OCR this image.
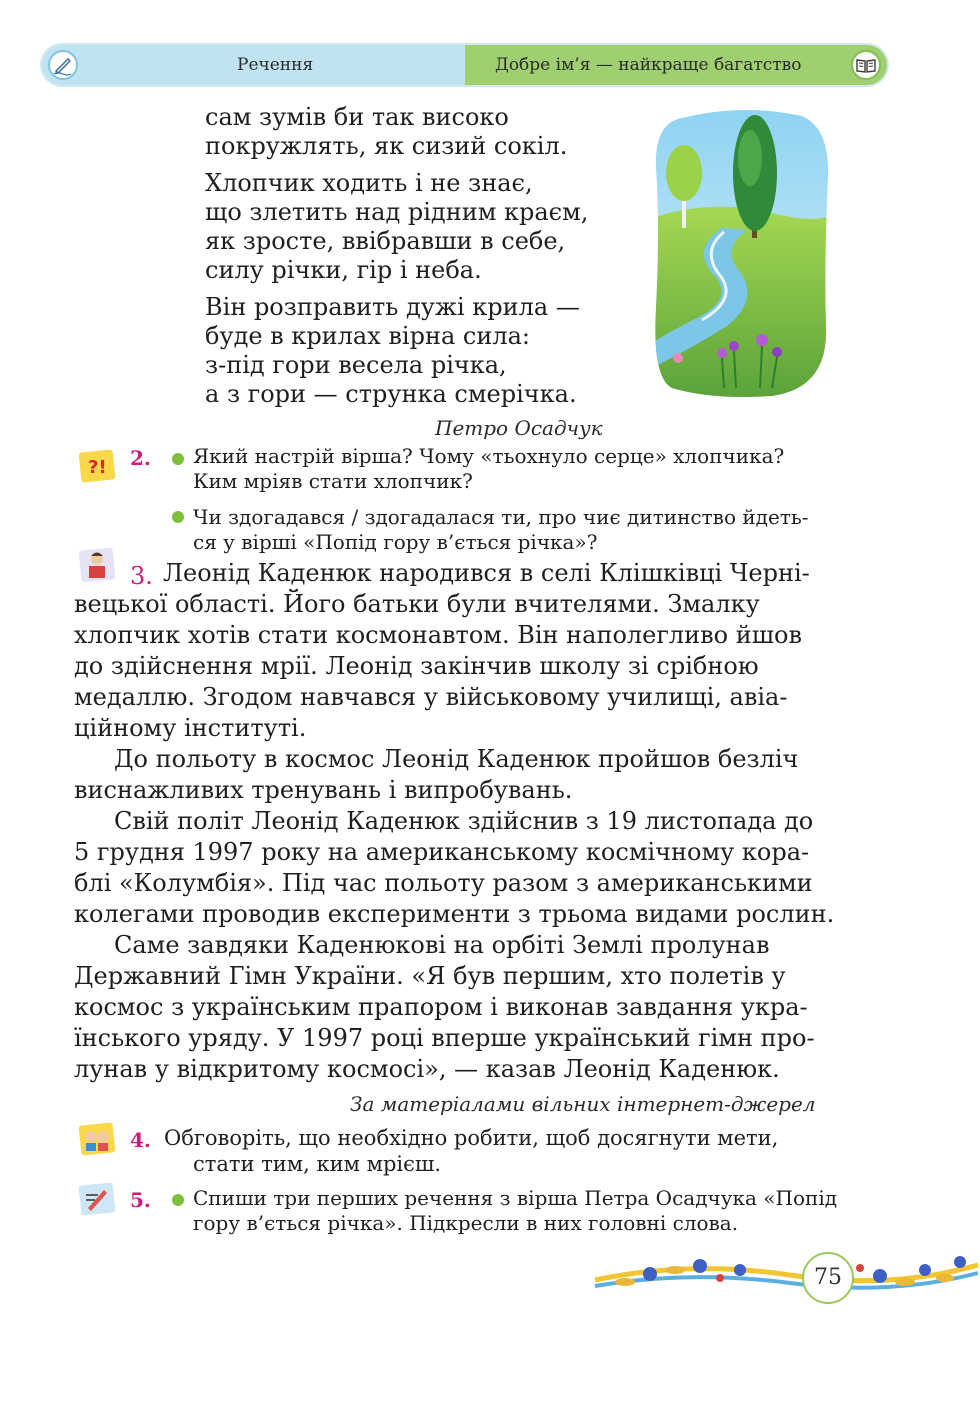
Речення	Добре ім’я — найкраще багатство
сам зумів би так високо
покружлять, як сизий сокіл.
Хлопчик ходить і не знає,
що злетить над рідним краєм,
як зросте, ввібравши в себе,
силу річки, гір і неба.
Він розправить дужі крила —
буде в крилах вірна сила:
з-під гори весела річка,
а з гори — струнка смерічка.
Петро Осадчук
?! 2. Який настрій вірша? Чому «тьохнуло серце» хлопчика?
Ким мріяв стати хлопчик?
Чи здогадався / здогадалася ти, про чиє дитинство йдеть-
ся у вірші «Попід гору в’ється річка»?
3. Леонід Каденюк народився в селі Клішківці Черні-
вецької області. Його батьки були вчителями. Змалку
хлопчик хотів стати космонавтом. Він наполегливо йшов
до здійснення мрії. Леонід закінчив школу зі срібною
медаллю. Згодом навчався у військовому училищі, авіа-
ційному інституті.
До польоту в космос Леонід Каденюк пройшов безліч
виснажливих тренувань і випробувань.
Свій політ Леонід Каденюк здійснив з 19 листопада до
5 грудня 1997 року на американському космічному кора-
блі «Колумбія». Під час польоту разом з американськими
колегами проводив експерименти з трьома видами рослин.
Саме завдяки Каденюкові на орбіті Землі пролунав
Державний Гімн України. «Я був першим, хто полетів у
космос з українським прапором і виконав завдання укра-
їнського уряду. У 1997 році вперше український гімн про-
лунав у відкритому космосі», — казав Леонід Каденюк.
За матеріалами вільних інтернет-джерел
4. Обговоріть, що необхідно робити, щоб досягнути мети,
стати тим, ким мрієш.
5. Спиши три перших речення з вірша Петра Осадчука «Попід
гору в’ється річка». Підкресли в них головні слова.
75
